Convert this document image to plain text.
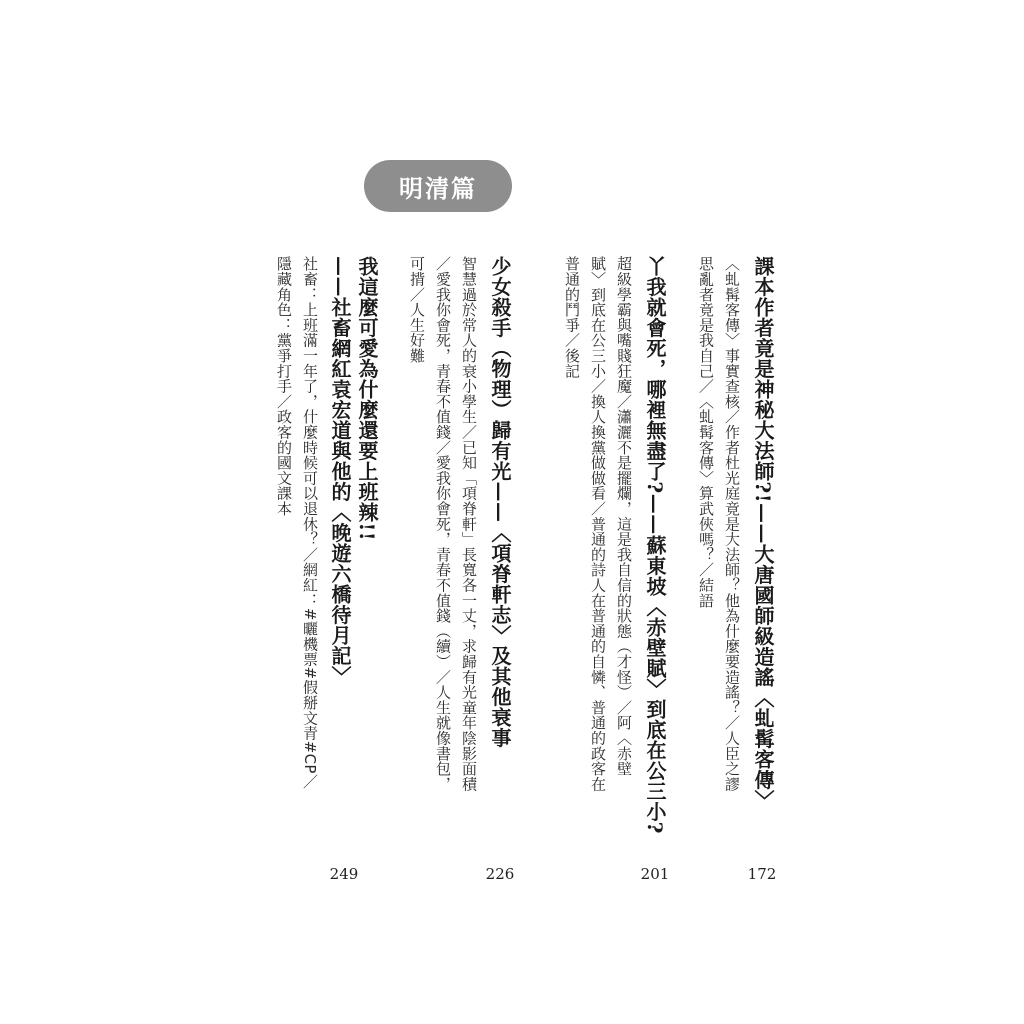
明清篇
課本作者竟是神秘大法師?!——大唐國師級造謠〈虬髯客傳〉
〈虬髯客傳〉事實查核／作者杜光庭竟是大法師？他為什麼要造謠？／人臣之謬
思亂者竟是我自己／〈虬髯客傳〉算武俠嗎？／結語
172
丫我就會死，哪裡無盡了?——蘇東坡〈赤壁賦〉到底在公三小?
超級學霸與嘴賤狂魔／瀟灑不是擺爛，這是我自信的狀態（才怪）／阿〈赤壁
賦〉到底在公三小／換人換黨做做看／普通的詩人在普通的自憐、普通的政客在
普通的鬥爭／後記
201
少女殺手（物理）歸有光——〈項脊軒志〉及其他衰事
智慧過於常人的衰小學生／已知「項脊軒」長寬各一丈，求歸有光童年陰影面積
／愛我你會死，青春不值錢／愛我你會死，青春不值錢（續）／人生就像書包，
可揹／人生好難
226
我這麼可愛為什麼還要上班辣!!
——社畜網紅袁宏道與他的〈晚遊六橋待月記〉
社畜：上班滿一年了，什麼時候可以退休？／網紅：#曬機票#假掰文青#CP／
隱藏角色：黨爭打手／政客的國文課本
249
